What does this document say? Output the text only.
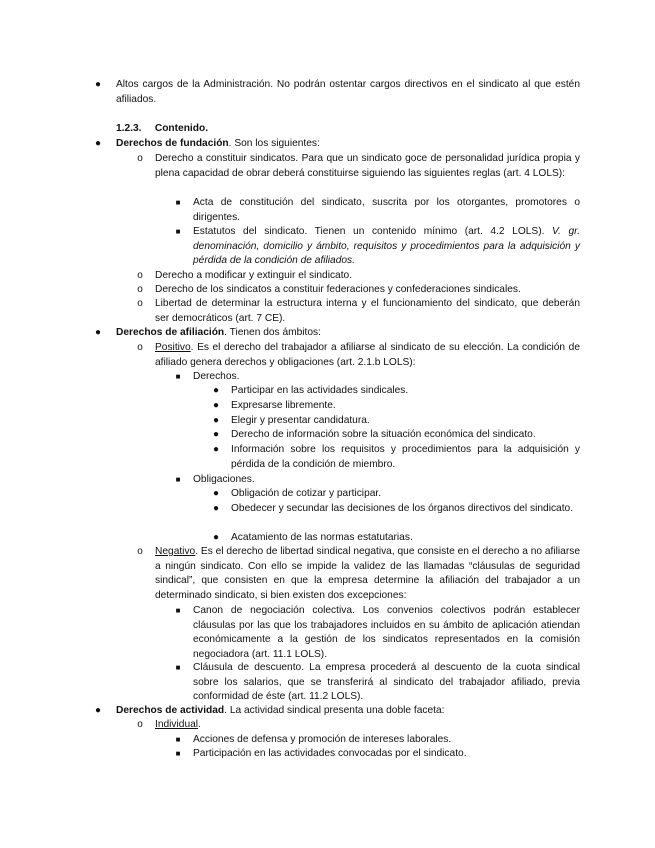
● Altos cargos de la Administración. No podrán ostentar cargos directivos en el sindicato al que estén afiliados.
1.2.3. Contenido.
● Derechos de fundación. Son los siguientes:
o	Derecho a constituir sindicatos. Para que un sindicato goce de personalidad jurídica propia y plena capacidad de obrar deberá constituirse siguiendo las siguientes reglas (art. 4 LOLS):
■	Acta de constitución del sindicato, suscrita por los otorgantes, promotores o dirigentes.
■	Estatutos del sindicato. Tienen un contenido mínimo (art. 4.2 LOLS). V. gr. denominación, domicilio y ámbito, requisitos y procedimientos para la adquisición y pérdida de la condición de afiliados.
o	Derecho a modificar y extinguir el sindicato.
o	Derecho de los sindicatos a constituir federaciones y confederaciones sindicales.
o	Libertad de determinar la estructura interna y el funcionamiento del sindicato, que deberán ser democráticos (art. 7 CE).
● Derechos de afiliación. Tienen dos ámbitos:
o	Positivo. Es el derecho del trabajador a afiliarse al sindicato de su elección. La condición de afiliado genera derechos y obligaciones (art. 2.1.b LOLS):
■	Derechos.
● Participar en las actividades sindicales.
● Expresarse libremente.
● Elegir y presentar candidatura.
● Derecho de información sobre la situación económica del sindicato.
● Información sobre los requisitos y procedimientos para la adquisición y pérdida de la condición de miembro.
■	Obligaciones.
● Obligación de cotizar y participar.
● Obedecer y secundar las decisiones de los órganos directivos del sindicato.
● Acatamiento de las normas estatutarias.
o	Negativo. Es el derecho de libertad sindical negativa, que consiste en el derecho a no afiliarse a ningún sindicato. Con ello se impide la validez de las llamadas “cláusulas de seguridad sindical”, que consisten en que la empresa determine la afiliación del trabajador a un determinado sindicato, si bien existen dos excepciones:
■	Canon de negociación colectiva. Los convenios colectivos podrán establecer cláusulas por las que los trabajadores incluidos en su ámbito de aplicación atiendan económicamente a la gestión de los sindicatos representados en la comisión negociadora (art. 11.1 LOLS).
■	Cláusula de descuento. La empresa procederá al descuento de la cuota sindical sobre los salarios, que se transferirá al sindicato del trabajador afiliado, previa conformidad de éste (art. 11.2 LOLS).
● Derechos de actividad. La actividad sindical presenta una doble faceta:
o	Individual.
■	Acciones de defensa y promoción de intereses laborales.
■	Participación en las actividades convocadas por el sindicato.
